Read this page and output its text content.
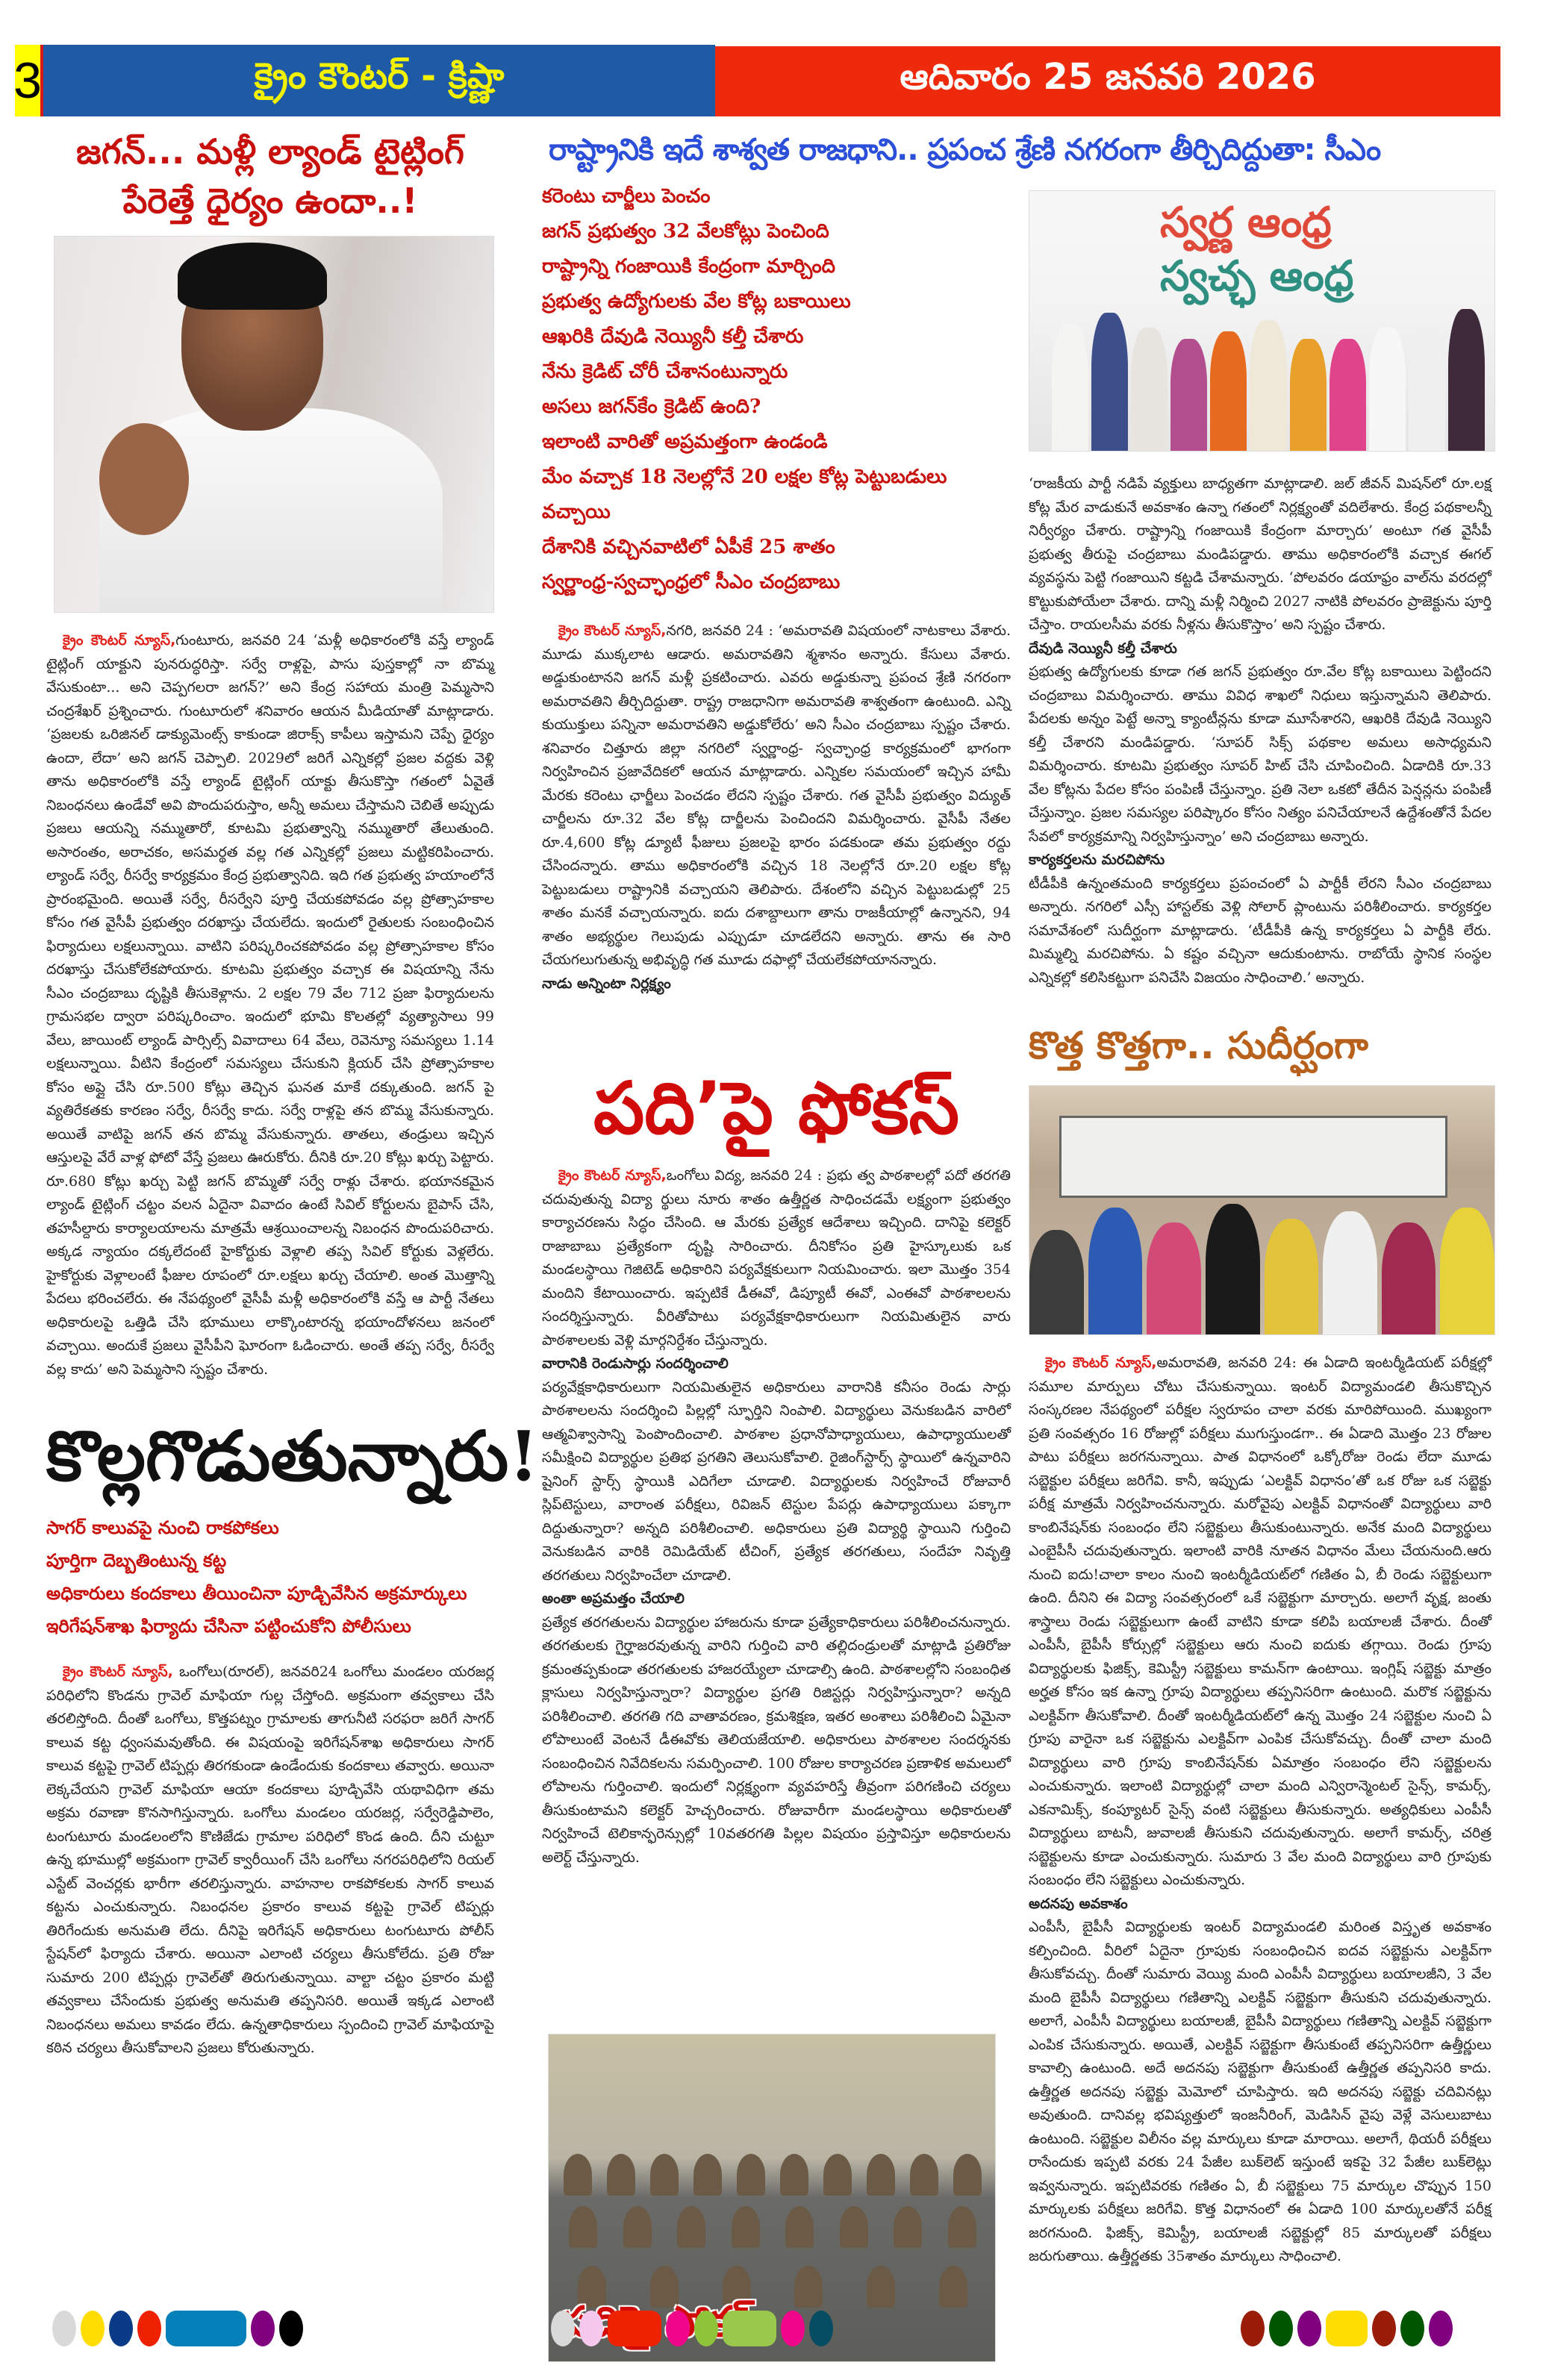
3	క్రైం కౌంటర్ - క్రిష్ణా	ఆదివారం 25 జనవరి 2026
రాష్ట్రానికి ఇదే శాశ్వత రాజధాని.. ప్రపంచ శ్రేణి నగరంగా తీర్చిదిద్దుతా: సీఎం
జగన్... మళ్లీ ల్యాండ్ టైట్లింగ్
పేరెత్తే ధైర్యం ఉందా..!

క్రైం కౌంటర్ న్యూస్,గుంటూరు, జనవరి 24 ‘మళ్లీ అధికారంలోకి వస్తే ల్యాండ్ టైట్లింగ్ యాక్టుని పునరుద్ధరిస్తా. సర్వే రాళ్లపై, పాసు పుస్తకాల్లో నా బొమ్మ వేసుకుంటా... అని చెప్పగలరా జగన్?’ అని కేంద్ర సహాయ మంత్రి పెమ్మసాని చంద్రశేఖర్ ప్రశ్నించారు. గుంటూరులో శనివారం ఆయన మీడియాతో మాట్లాడారు. ‘ప్రజలకు ఒరిజినల్ డాక్యుమెంట్స్ కాకుండా జిరాక్స్ కాపీలు ఇస్తామని చెప్పే ధైర్యం ఉందా, లేదా’ అని జగన్ చెప్పాలి. 2029లో జరిగే ఎన్నికల్లో ప్రజల వద్దకు వెళ్లి తాను అధికారంలోకి వస్తే ల్యాండ్ టైట్లింగ్ యాక్టు తీసుకొస్తా గతంలో ఏవైతే నిబంధనలు ఉండేవో అవి పొందుపరుస్తాం, అన్నీ అమలు చేస్తామని చెబితే అప్పుడు ప్రజలు ఆయన్ని నమ్ముతారో, కూటమి ప్రభుత్వాన్ని నమ్ముతారో తేలుతుంది. అసారంతం, అరాచకం, అసమర్థత వల్ల గత ఎన్నికల్లో ప్రజలు మట్టికరిపించారు. ల్యాండ్ సర్వే, రీసర్వే కార్యక్రమం కేంద్ర ప్రభుత్వానిది. ఇది గత ప్రభుత్వ హయాంలోనే ప్రారంభమైంది. అయితే సర్వే, రీసర్వేని పూర్తి చేయకపోవడం వల్ల ప్రోత్సాహకాల కోసం గత వైసీపీ ప్రభుత్వం దరఖాస్తు చేయలేదు. ఇందులో రైతులకు సంబంధించిన ఫిర్యాదులు లక్షలున్నాయి. వాటిని పరిష్కరించకపోవడం వల్ల ప్రోత్సాహకాల కోసం దరఖాస్తు చేసుకోలేకపోయారు. కూటమి ప్రభుత్వం వచ్చాక ఈ విషయాన్ని నేను సీఎం చంద్రబాబు దృష్టికి తీసుకెళ్లాను. 2 లక్షల 79 వేల 712 ప్రజా ఫిర్యాదులను గ్రామసభల ద్వారా పరిష్కరించాం. ఇందులో భూమి కొలతల్లో వ్యత్యాసాలు 99 వేలు, జాయింట్ ల్యాండ్ పార్సిల్స్ వివాదాలు 64 వేలు, రెవెన్యూ సమస్యలు 1.14 లక్షలున్నాయి. వీటిని కేంద్రంలో సమస్యలు చేసుకుని క్లియర్ చేసి ప్రోత్సాహకాల కోసం అప్లై చేసి రూ.500 కోట్లు తెచ్చిన ఘనత మాకే దక్కుతుంది. జగన్ పై వ్యతిరేకతకు కారణం సర్వే, రీసర్వే కాదు. సర్వే రాళ్లపై తన బొమ్మ వేసుకున్నారు. అయితే వాటిపై జగన్ తన బొమ్మ వేసుకున్నారు. తాతలు, తండ్రులు ఇచ్చిన ఆస్తులపై వేరే వాళ్ల ఫోటో వేస్తే ప్రజలు ఊరుకోరు. దీనికి రూ.20 కోట్లు ఖర్చు పెట్టారు. రూ.680 కోట్లు ఖర్చు పెట్టి జగన్ బొమ్మతో సర్వే రాళ్లు చేశారు. భయానకమైన ల్యాండ్ టైట్లింగ్ చట్టం వలన ఏదైనా వివాదం ఉంటే సివిల్ కోర్టులను బైపాస్ చేసి, తహసీల్దారు కార్యాలయాలను మాత్రమే ఆశ్రయించాలన్న నిబంధన పొందుపరిచారు. అక్కడ న్యాయం దక్కలేదంటే హైకోర్టుకు వెళ్లాలి తప్ప సివిల్ కోర్టుకు వెళ్లలేరు. హైకోర్టుకు వెళ్లాలంటే ఫీజుల రూపంలో రూ.లక్షలు ఖర్చు చేయాలి. అంత మొత్తాన్ని పేదలు భరించలేరు. ఈ నేపథ్యంలో వైసీపీ మళ్లీ అధికారంలోకి వస్తే ఆ పార్టీ నేతలు అధికారులపై ఒత్తిడి చేసి భూములు లాక్కొంటారన్న భయాందోళనలు జనంలో వచ్చాయి. అందుకే ప్రజలు వైసీపీని ఘోరంగా ఓడించారు. అంతే తప్ప సర్వే, రీసర్వే వల్ల కాదు’ అని పెమ్మసాని స్పష్టం చేశారు.

కొల్లగొడుతున్నారు!
సాగర్ కాలువపై నుంచి రాకపోకలు
పూర్తిగా దెబ్బతింటున్న కట్ట
అధికారులు కందకాలు తీయించినా పూడ్చివేసిన అక్రమార్కులు
ఇరిగేషన్‌శాఖ ఫిర్యాదు చేసినా పట్టించుకోని పోలీసులు

క్రైం కౌంటర్ న్యూస్, ఒంగోలు(రూరల్), జనవరి24 ఒంగోలు మండలం యరజర్ల పరిధిలోని కొండను గ్రావెల్ మాఫియా గుల్ల చేస్తోంది. అక్రమంగా తవ్వకాలు చేసి తరలిస్తోంది. దీంతో ఒంగోలు, కొత్తపట్నం గ్రామాలకు తాగునీటి సరఫరా జరిగే సాగర్ కాలువ కట్ట ధ్వంసమవుతోంది. ఈ విషయంపై ఇరిగేషన్‌శాఖ అధికారులు సాగర్ కాలువ కట్టపై గ్రావెల్ టిప్పర్లు తిరగకుండా ఉండేందుకు కందకాలు తవ్వారు. అయినా లెక్కచేయని గ్రావెల్ మాఫియా ఆయా కందకాలు పూడ్చివేసి యథావిధిగా తమ అక్రమ రవాణా కొనసాగిస్తున్నారు. ఒంగోలు మండలం యరజర్ల, సర్వేరెడ్డిపాలెం, టంగుటూరు మండలంలోని కొణిజేడు గ్రామాల పరిధిలో కొండ ఉంది. దీని చుట్టూ ఉన్న భూముల్లో అక్రమంగా గ్రావెల్ క్వారీయింగ్ చేసి ఒంగోలు నగరపరిధిలోని రియల్ ఎస్టేట్ వెంచర్లకు భారీగా తరలిస్తున్నారు. వాహనాల రాకపోకలకు సాగర్ కాలువ కట్టను ఎంచుకున్నారు. నిబంధనల ప్రకారం కాలువ కట్టపై గ్రావెల్ టిప్పర్లు తిరిగేందుకు అనుమతి లేదు. దీనిపై ఇరిగేషన్ అధికారులు టంగుటూరు పోలీస్ స్టేషన్‌లో ఫిర్యాదు చేశారు. అయినా ఎలాంటి చర్యలు తీసుకోలేదు. ప్రతి రోజు సుమారు 200 టిప్పర్లు గ్రావెల్‌తో తిరుగుతున్నాయి. వాల్టా చట్టం ప్రకారం మట్టి తవ్వకాలు చేసేందుకు ప్రభుత్వ అనుమతి తప్పనిసరి. అయితే ఇక్కడ ఎలాంటి నిబంధనలు అమలు కావడం లేదు. ఉన్నతాధికారులు స్పందించి గ్రావెల్ మాఫియాపై కఠిన చర్యలు తీసుకోవాలని ప్రజలు కోరుతున్నారు.

కరెంటు చార్జీలు పెంచం
జగన్ ప్రభుత్వం 32 వేలకోట్లు పెంచింది
రాష్ట్రాన్ని గంజాయికి కేంద్రంగా మార్చింది
ప్రభుత్వ ఉద్యోగులకు వేల కోట్ల బకాయిలు
ఆఖరికి దేవుడి నెయ్యినీ కల్తీ చేశారు
నేను క్రెడిట్ చోరీ చేశానంటున్నారు
అసలు జగన్‌కేం క్రెడిట్ ఉంది?
ఇలాంటి వారితో అప్రమత్తంగా ఉండండి
మేం వచ్చాక 18 నెలల్లోనే 20 లక్షల కోట్ల పెట్టుబడులు వచ్చాయి
దేశానికి వచ్చినవాటిలో ఏపీకే 25 శాతం
స్వర్ణాంధ్ర-స్వచ్ఛాంధ్రలో సీఎం చంద్రబాబు

క్రైం కౌంటర్ న్యూస్,నగరి, జనవరి 24 : ‘అమరావతి విషయంలో నాటకాలు వేశారు. మూడు ముక్కలాట ఆడారు. అమరావతిని శ్మశానం అన్నారు. కేసులు వేశారు. అడ్డుకుంటానని జగన్ మళ్లీ ప్రకటించారు. ఎవరు అడ్డుకున్నా ప్రపంచ శ్రేణి నగరంగా అమరావతిని తీర్చిదిద్దుతా. రాష్ట్ర రాజధానిగా అమరావతి శాశ్వతంగా ఉంటుంది. ఎన్ని కుయుక్తులు పన్నినా అమరావతిని అడ్డుకోలేరు’ అని సీఎం చంద్రబాబు స్పష్టం చేశారు. శనివారం చిత్తూరు జిల్లా నగరిలో స్వర్ణాంధ్ర- స్వచ్ఛాంధ్ర కార్యక్రమంలో భాగంగా నిర్వహించిన ప్రజావేదికలో ఆయన మాట్లాడారు. ఎన్నికల సమయంలో ఇచ్చిన హామీ మేరకు కరెంటు ఛార్జీలు పెంచడం లేదని స్పష్టం చేశారు. గత వైసీపీ ప్రభుత్వం విద్యుత్ చార్జీలను రూ.32 వేల కోట్ల దార్జీలను పెంచిందని విమర్శించారు. వైసీపీ నేతల రూ.4,600 కోట్ల డ్యూటీ ఫీజులు ప్రజలపై భారం పడకుండా తమ ప్రభుత్వం రద్దు చేసిందన్నారు. తాము అధికారంలోకి వచ్చిన 18 నెలల్లోనే రూ.20 లక్షల కోట్ల పెట్టుబడులు రాష్ట్రానికి వచ్చాయని తెలిపారు. దేశంలోని వచ్చిన పెట్టుబడుల్లో 25 శాతం మనకే వచ్చాయన్నారు. ఐదు దశాబ్దాలుగా తాను రాజకీయాల్లో ఉన్నానని, 94 శాతం అభ్యర్థుల గెలుపుడు ఎప్పుడూ చూడలేదని అన్నారు. తాను ఈ సారి చేయగలుగుతున్న అభివృద్ధి గత మూడు దఫాల్లో చేయలేకపోయానన్నారు.

నాడు అన్నింటా నిర్లక్ష్యం

పది’పై ఫోకస్

క్రైం కౌంటర్ న్యూస్,ఒంగోలు విద్య, జనవరి 24 : ప్రభు త్వ పాఠశాలల్లో పదో తరగతి చదువుతున్న విద్యా ర్థులు నూరు శాతం ఉత్తీర్ణత సాధించడమే లక్ష్యంగా ప్రభుత్వం కార్యాచరణను సిద్ధం చేసింది. ఆ మేరకు ప్రత్యేక ఆదేశాలు ఇచ్చింది. దానిపై కలెక్టర్ రాజాబాబు ప్రత్యేకంగా దృష్టి సారించారు. దీనికోసం ప్రతి హైస్కూలుకు ఒక మండలస్థాయి గెజిటెడ్ అధికారిని పర్యవేక్షకులుగా నియమించారు. ఇలా మొత్తం 354 మందిని కేటాయించారు. ఇప్పటికే డీఈవో, డిప్యూటీ ఈవో, ఎంఈవో పాఠశాలలను సందర్శిస్తున్నారు. వీరితోపాటు పర్యవేక్షకాధికారులుగా నియమితులైన వారు పాఠశాలలకు వెళ్లి మార్గనిర్దేశం చేస్తున్నారు.

వారానికి రెండుసార్లు సందర్శించాలి

పర్యవేక్షకాధికారులుగా నియమితులైన అధికారులు వారానికి కనీసం రెండు సార్లు పాఠశాలలను సందర్శించి పిల్లల్లో స్ఫూర్తిని నింపాలి. విద్యార్థులు వెనుకబడిన వారిలో ఆత్మవిశ్వాసాన్ని పెంపొందించాలి. పాఠశాల ప్రధానోపాధ్యాయులు, ఉపాధ్యాయులతో సమీక్షించి విద్యార్థుల ప్రతిభ ప్రగతిని తెలుసుకోవాలి. రైజింగ్‌స్టార్స్ స్థాయిలో ఉన్నవారిని షైనింగ్ స్టార్స్ స్థాయికి ఎదిగేలా చూడాలి. విద్యార్థులకు నిర్వహించే రోజువారీ స్లిప్‌టెస్టులు, వారాంత పరీక్షలు, రివిజన్ టెస్టుల పేపర్లు ఉపాధ్యాయులు పక్కాగా దిద్దుతున్నారా? అన్నది పరిశీలించాలి. అధికారులు ప్రతి విద్యార్థి స్థాయిని గుర్తించి వెనుకబడిన వారికి రెమిడియేట్ టీచింగ్, ప్రత్యేక తరగతులు, సందేహ నివృత్తి తరగతులు నిర్వహించేలా చూడాలి.

అంతా అప్రమత్తం చేయాలి

ప్రత్యేక తరగతులను విద్యార్థుల హాజరును కూడా ప్రత్యేకాధికారులు పరిశీలించనున్నారు. తరగతులకు గైర్హాజరవుతున్న వారిని గుర్తించి వారి తల్లిదండ్రులతో మాట్లాడి ప్రతిరోజు క్రమంతప్పకుండా తరగతులకు హాజరయ్యేలా చూడాల్సి ఉంది. పాఠశాలల్లోని సంబంధిత క్లాసులు నిర్వహిస్తున్నారా? విద్యార్థుల ప్రగతి రిజిస్టర్లు నిర్వహిస్తున్నారా? అన్నది పరిశీలించాలి. తరగతి గది వాతావరణం, క్రమశిక్షణ, ఇతర అంశాలు పరిశీలించి ఏమైనా లోపాలుంటే వెంటనే డీఈవోకు తెలియజేయాలి. అధికారులు పాఠశాలల సందర్శనకు సంబంధించిన నివేదికలను సమర్పించాలి. 100 రోజుల కార్యాచరణ ప్రణాళిక అమలులో లోపాలను గుర్తించాలి. ఇందులో నిర్లక్ష్యంగా వ్యవహరిస్తే తీవ్రంగా పరిగణించి చర్యలు తీసుకుంటామని కలెక్టర్ హెచ్చరించారు. రోజువారీగా మండలస్థాయి అధికారులతో నిర్వహించే టెలికాన్ఫరెన్సుల్లో 10వతరగతి పిల్లల విషయం ప్రస్తావిస్తూ అధికారులను అలెర్ట్ చేస్తున్నారు.

పదిపై
స్వర్ణ ఆంధ్ర
స్వచ్ఛ ఆంధ్ర

‘రాజకీయ పార్టీ నడిపే వ్యక్తులు బాధ్యతగా మాట్లాడాలి. జల్ జీవన్ మిషన్‌లో రూ.లక్ష కోట్ల మేర వాడుకునే అవకాశం ఉన్నా గతంలో నిర్లక్ష్యంతో వదిలేశారు. కేంద్ర పథకాలన్నీ నిర్వీర్యం చేశారు. రాష్ట్రాన్ని గంజాయికి కేంద్రంగా మార్చారు’ అంటూ గత వైసీపీ ప్రభుత్వ తీరుపై చంద్రబాబు మండిపడ్డారు. తాము అధికారంలోకి వచ్చాక ఈగల్ వ్యవస్థను పెట్టి గంజాయిని కట్టడి చేశామన్నారు. ‘పోలవరం డయాఫ్రం వాల్‌ను వరదల్లో కొట్టుకుపోయేలా చేశారు. దాన్ని మళ్లీ నిర్మించి 2027 నాటికి పోలవరం ప్రాజెక్టును పూర్తి చేస్తాం. రాయలసీమ వరకు నీళ్లను తీసుకొస్తాం’ అని స్పష్టం చేశారు.

దేవుడి నెయ్యినీ కల్తీ చేశారు

ప్రభుత్వ ఉద్యోగులకు కూడా గత జగన్ ప్రభుత్వం రూ.వేల కోట్ల బకాయిలు పెట్టిందని చంద్రబాబు విమర్శించారు. తాము వివిధ శాఖలో నిధులు ఇస్తున్నామని తెలిపారు. పేదలకు అన్నం పెట్టే అన్నా క్యాంటీన్లను కూడా మూసేశారని, ఆఖరికి దేవుడి నెయ్యిని కల్తీ చేశారని మండిపడ్డారు. ‘సూపర్ సిక్స్ పథకాల అమలు అసాధ్యమని విమర్శించారు. కూటమి ప్రభుత్వం సూపర్ హిట్ చేసి చూపించింది. ఏడాదికి రూ.33 వేల కోట్లను పేదల కోసం పంపిణీ చేస్తున్నాం. ప్రతి నెలా ఒకటో తేదీన పెన్షన్లను పంపిణీ చేస్తున్నాం. ప్రజల సమస్యల పరిష్కారం కోసం నిత్యం పనిచేయాలనే ఉద్దేశంతోనే పేదల సేవలో కార్యక్రమాన్ని నిర్వహిస్తున్నాం’ అని చంద్రబాబు అన్నారు.

కార్యకర్తలను మరచిపోను

టీడీపీకి ఉన్నంతమంది కార్యకర్తలు ప్రపంచంలో ఏ పార్టీకీ లేరని సీఎం చంద్రబాబు అన్నారు. నగరిలో ఎస్సీ హాస్టల్‌కు వెళ్లి సోలార్ ప్లాంటును పరిశీలించారు. కార్యకర్తల సమావేశంలో సుదీర్ఘంగా మాట్లాడారు. ‘టీడీపీకి ఉన్న కార్యకర్తలు ఏ పార్టీకి లేరు. మిమ్మల్ని మరచిపోను. ఏ కష్టం వచ్చినా ఆదుకుంటాను. రాబోయే స్థానిక సంస్థల ఎన్నికల్లో కలిసికట్టుగా పనిచేసి విజయం సాధించాలి.’ అన్నారు.

కొత్త కొత్తగా.. సుదీర్ఘంగా

క్రైం కౌంటర్ న్యూస్,అమరావతి, జనవరి 24: ఈ ఏడాది ఇంటర్మీడియట్ పరీక్షల్లో సమూల మార్పులు చోటు చేసుకున్నాయి. ఇంటర్ విద్యామండలి తీసుకొచ్చిన సంస్కరణల నేపథ్యంలో పరీక్షల స్వరూపం చాలా వరకు మారిపోయింది. ముఖ్యంగా ప్రతి సంవత్సరం 16 రోజుల్లో పరీక్షలు ముగుస్తుండగా.. ఈ ఏడాది మొత్తం 23 రోజుల పాటు పరీక్షలు జరగనున్నాయి. పాత విధానంలో ఒక్కోరోజు రెండు లేదా మూడు సబ్జెక్టుల పరీక్షలు జరిగేవి. కానీ, ఇప్పుడు ‘ఎలక్టివ్ విధానం’తో ఒక రోజు ఒక సబ్జెక్టు పరీక్ష మాత్రమే నిర్వహించనున్నారు. మరోవైపు ఎలక్టివ్ విధానంతో విద్యార్థులు వారి కాంబినేషన్‌కు సంబంధం లేని సబ్జెక్టులు తీసుకుంటున్నారు. అనేక మంది విద్యార్థులు ఎంబైపీసీ చదువుతున్నారు. ఇలాంటి వారికి నూతన విధానం మేలు చేయనుంది.ఆరు నుంచి ఐదు!చాలా కాలం నుంచి ఇంటర్మీడియట్‌లో గణితం ఏ, బీ రెండు సబ్జెక్టులుగా ఉంది. దీనిని ఈ విద్యా సంవత్సరంలో ఒకే సబ్జెక్టుగా మార్చారు. అలాగే వృక్ష, జంతు శాస్త్రాలు రెండు సబ్జెక్టులుగా ఉంటే వాటిని కూడా కలిపి బయాలజీ చేశారు. దీంతో ఎంపీసీ, బైపీసీ కోర్సుల్లో సబ్జెక్టులు ఆరు నుంచి ఐదుకు తగ్గాయి. రెండు గ్రూపు విద్యార్థులకు ఫిజిక్స్, కెమిస్ట్రీ సబ్జెక్టులు కామన్‌గా ఉంటాయి. ఇంగ్లిష్ సబ్జెక్టు మాత్రం అర్హత కోసం ఇక ఉన్నా గ్రూపు విద్యార్థులు తప్పనిసరిగా ఉంటుంది. మరొక సబ్జెక్టును ఎలక్టివ్‌గా తీసుకోవాలి. దీంతో ఇంటర్మీడియట్‌లో ఉన్న మొత్తం 24 సబ్జెక్టుల నుంచి ఏ గ్రూపు వారైనా ఒక సబ్జెక్టును ఎలక్టివ్‌గా ఎంపిక చేసుకోవచ్చు. దీంతో చాలా మంది విద్యార్థులు వారి గ్రూపు కాంబినేషన్‌కు ఏమాత్రం సంబంధం లేని సబ్జెక్టులను ఎంచుకున్నారు. ఇలాంటి విద్యార్థుల్లో చాలా మంది ఎన్విరాన్మెంటల్ సైన్స్, కామర్స్, ఎకనామిక్స్, కంప్యూటర్ సైన్స్ వంటి సబ్జెక్టులు తీసుకున్నారు. అత్యధికులు ఎంపీసీ విద్యార్థులు బాటనీ, జువాలజీ తీసుకుని చదువుతున్నారు. అలాగే కామర్స్, చరిత్ర సబ్జెక్టులను కూడా ఎంచుకున్నారు. సుమారు 3 వేల మంది విద్యార్థులు వారి గ్రూపుకు సంబంధం లేని సబ్జెక్టులు ఎంచుకున్నారు.

అదనపు అవకాశం

ఎంపీసీ, బైపీసీ విద్యార్థులకు ఇంటర్ విద్యామండలి మరింత విస్తృత అవకాశం కల్పించింది. వీరిలో ఏదైనా గ్రూపుకు సంబంధించిన ఐదవ సబ్జెక్టును ఎలక్టివ్‌గా తీసుకోవచ్చు. దీంతో సుమారు వెయ్యి మంది ఎంపీసీ విద్యార్థులు బయాలజీని, 3 వేల మంది బైపీసీ విద్యార్థులు గణితాన్ని ఎలక్టివ్ సబ్జెక్టుగా తీసుకుని చదువుతున్నారు. అలాగే, ఎంపీసీ విద్యార్థులు బయాలజీ, బైపీసీ విద్యార్థులు గణితాన్ని ఎలక్టివ్ సబ్జెక్టుగా ఎంపిక చేసుకున్నారు. అయితే, ఎలక్టివ్ సబ్జెక్టుగా తీసుకుంటే తప్పనిసరిగా ఉత్తీర్ణులు కావాల్సి ఉంటుంది. అదే అదనపు సబ్జెక్టుగా తీసుకుంటే ఉత్తీర్ణత తప్పనిసరి కాదు. ఉత్తీర్ణత అదనపు సబ్జెక్టు మెమోలో చూపిస్తారు. ఇది అదనపు సబ్జెక్టు చదివినట్లు అవుతుంది. దానివల్ల భవిష్యత్తులో ఇంజనీరింగ్, మెడిసిన్ వైపు వెళ్లే వెసులుబాటు ఉంటుంది. సబ్జెక్టుల విలీనం వల్ల మార్కులు కూడా మారాయి. అలాగే, థియరీ పరీక్షలు రాసేందుకు ఇప్పటి వరకు 24 పేజీల బుక్‌లెట్ ఇస్తుంటే ఇకపై 32 పేజీల బుక్‌లెట్లు ఇవ్వనున్నారు. ఇప్పటివరకు గణితం ఏ, బీ సబ్జెక్టులు 75 మార్కుల చొప్పున 150 మార్కులకు పరీక్షలు జరిగేవి. కొత్త విధానంలో ఈ ఏడాది 100 మార్కులతోనే పరీక్ష జరగనుంది. ఫిజిక్స్, కెమిస్ట్రీ, బయాలజీ సబ్జెక్టుల్లో 85 మార్కులతో పరీక్షలు జరుగుతాయి. ఉత్తీర్ణతకు 35శాతం మార్కులు సాధించాలి.
